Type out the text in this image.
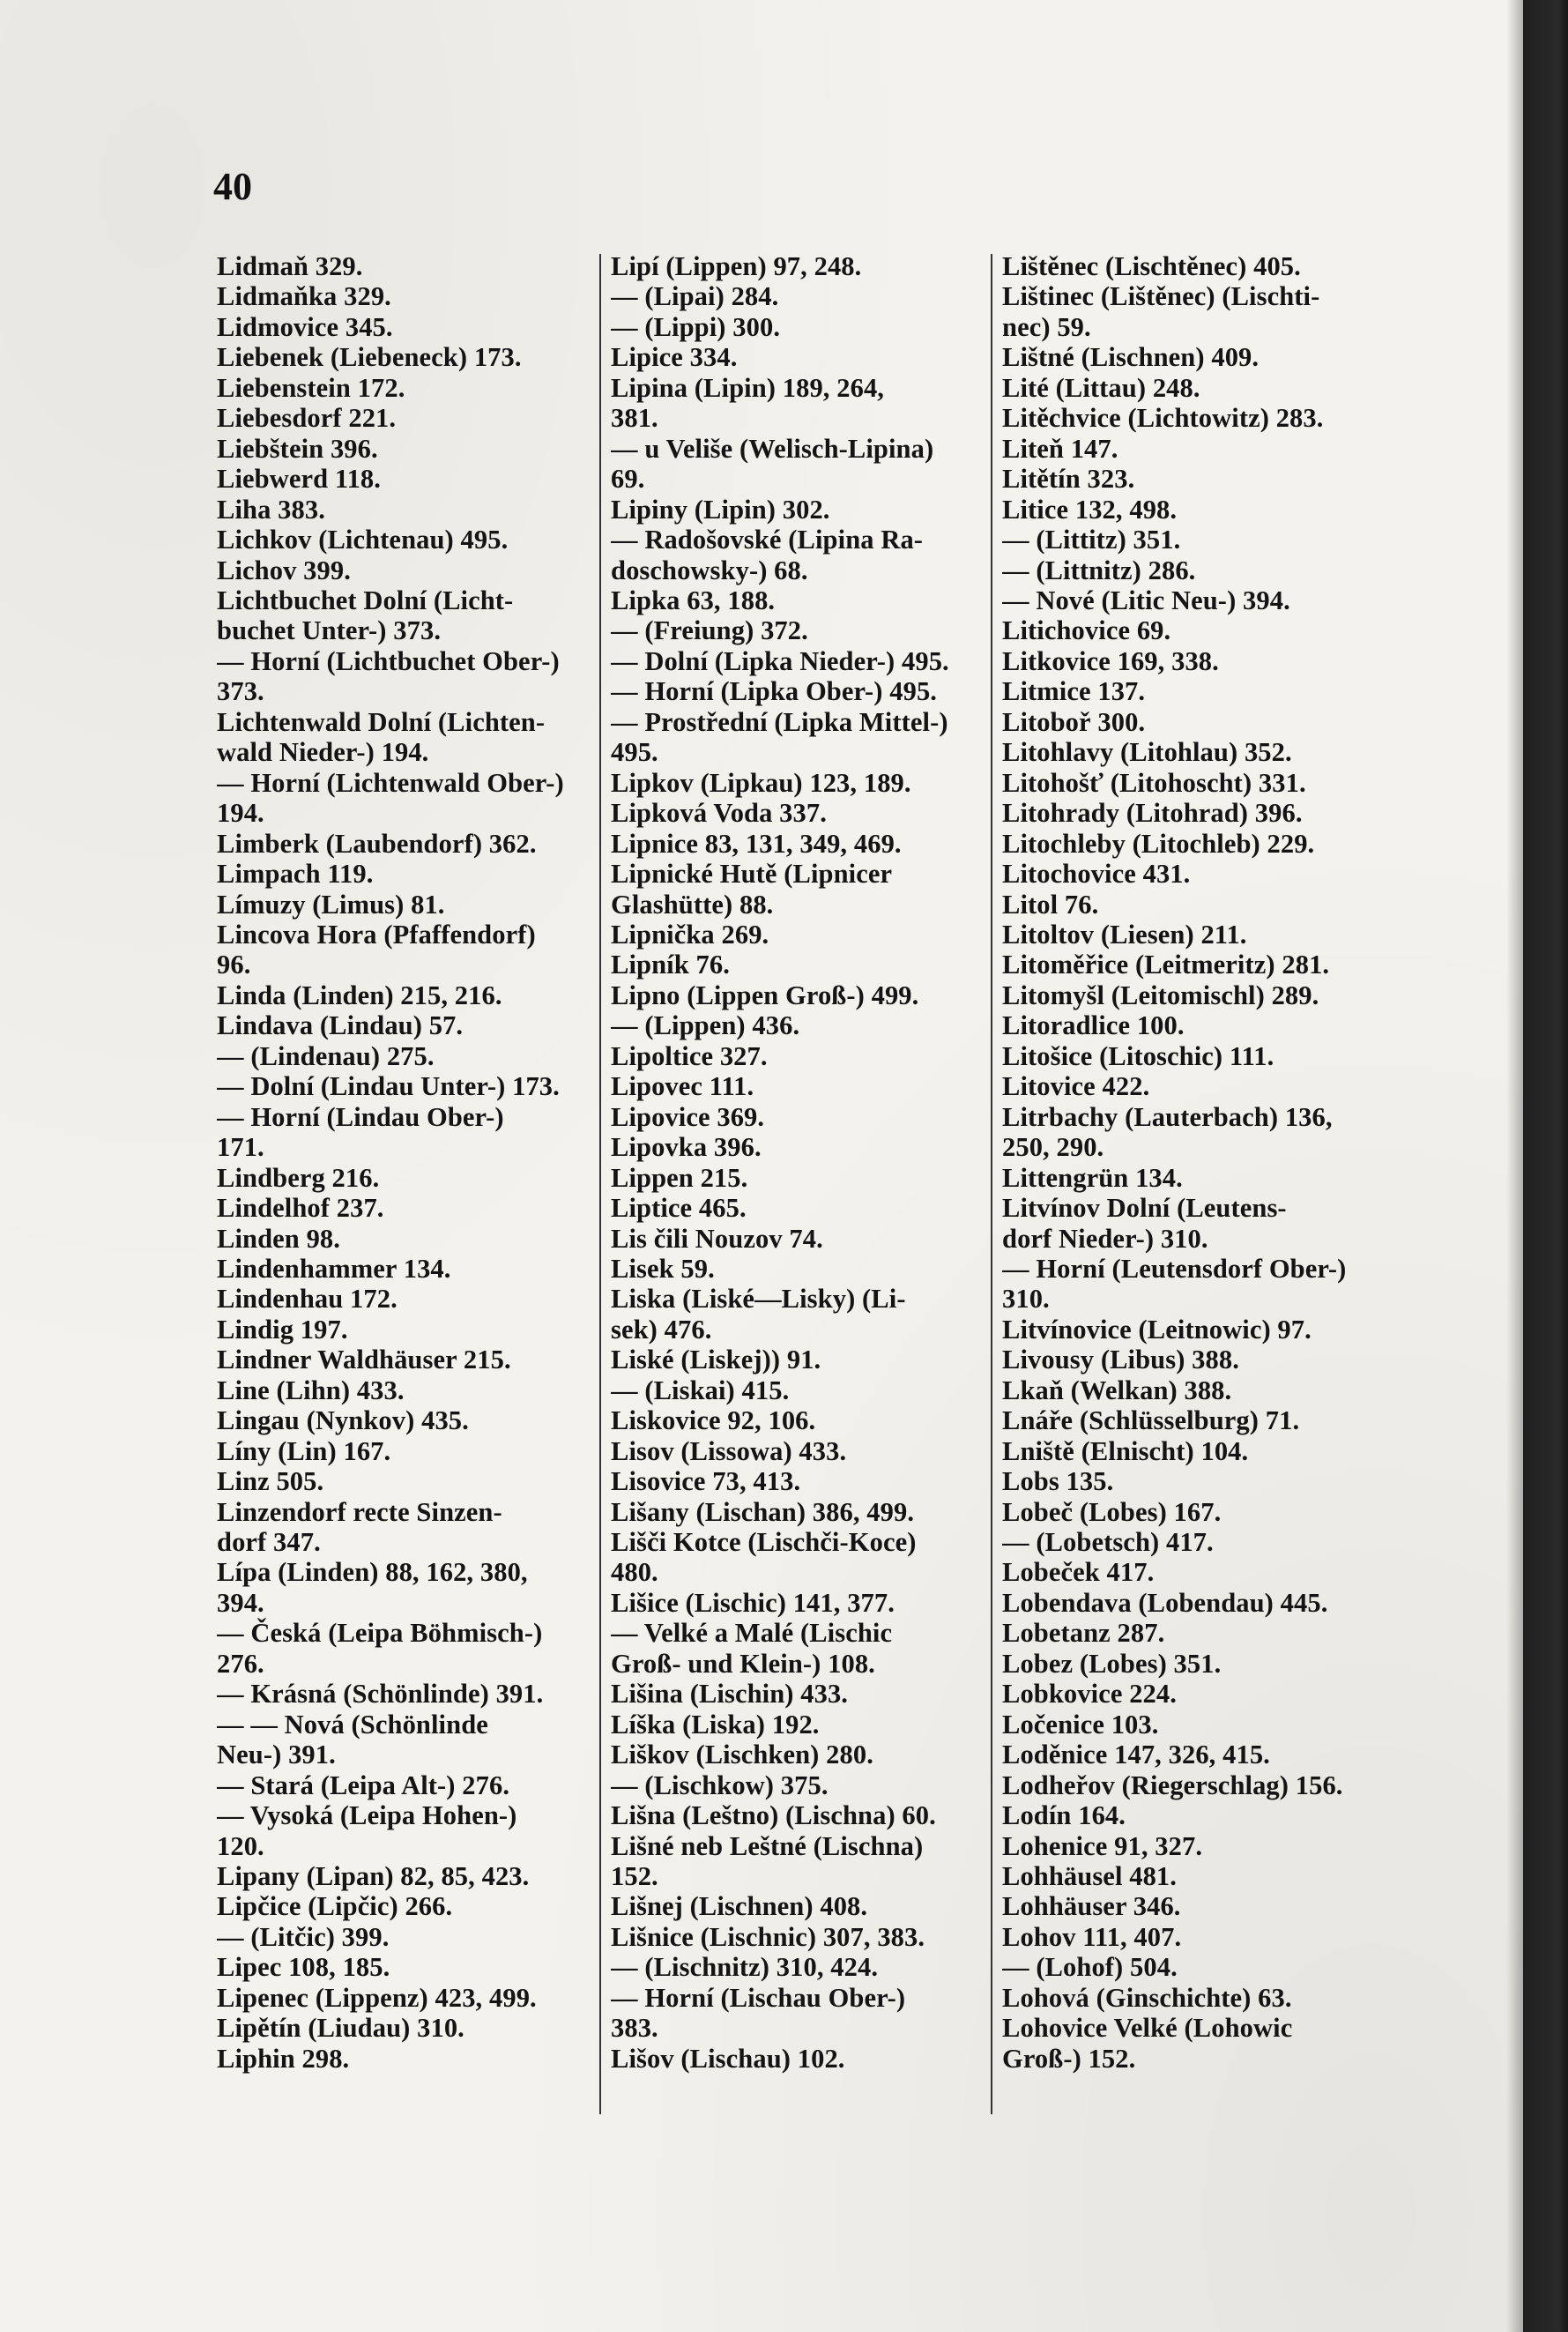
40
Lidmaň 329.
Lidmaňka 329.
Lidmovice 345.
Liebenek (Liebeneck) 173.
Liebenstein 172.
Liebesdorf 221.
Liebštein 396.
Liebwerd 118.
Liha 383.
Lichkov (Lichtenau) 495.
Lichov 399.
Lichtbuchet Dolní (Licht-
buchet Unter-) 373.
— Horní (Lichtbuchet Ober-)
373.
Lichtenwald Dolní (Lichten-
wald Nieder-) 194.
— Horní (Lichtenwald Ober-)
194.
Limberk (Laubendorf) 362.
Limpach 119.
Límuzy (Limus) 81.
Lincova Hora (Pfaffendorf)
96.
Linda (Linden) 215, 216.
Lindava (Lindau) 57.
— (Lindenau) 275.
— Dolní (Lindau Unter-) 173.
— Horní (Lindau Ober-)
171.
Lindberg 216.
Lindelhof 237.
Linden 98.
Lindenhammer 134.
Lindenhau 172.
Lindig 197.
Lindner Waldhäuser 215.
Line (Lihn) 433.
Lingau (Nynkov) 435.
Líny (Lin) 167.
Linz 505.
Linzendorf recte Sinzen-
dorf 347.
Lípa (Linden) 88, 162, 380,
394.
— Česká (Leipa Böhmisch-)
276.
— Krásná (Schönlinde) 391.
— — Nová (Schönlinde
Neu-) 391.
— Stará (Leipa Alt-) 276.
— Vysoká (Leipa Hohen-)
120.
Lipany (Lipan) 82, 85, 423.
Lipčice (Lipčic) 266.
— (Litčic) 399.
Lipec 108, 185.
Lipenec (Lippenz) 423, 499.
Lipětín (Liudau) 310.
Liphin 298.
Lipí (Lippen) 97, 248.
— (Lipai) 284.
— (Lippi) 300.
Lipice 334.
Lipina (Lipin) 189, 264,
381.
— u Veliše (Welisch-Lipina)
69.
Lipiny (Lipin) 302.
— Radošovské (Lipina Ra-
doschowsky-) 68.
Lipka 63, 188.
— (Freiung) 372.
— Dolní (Lipka Nieder-) 495.
— Horní (Lipka Ober-) 495.
— Prostřední (Lipka Mittel-)
495.
Lipkov (Lipkau) 123, 189.
Lipková Voda 337.
Lipnice 83, 131, 349, 469.
Lipnické Hutě (Lipnicer
Glashütte) 88.
Lipnička 269.
Lipník 76.
Lipno (Lippen Groß-) 499.
— (Lippen) 436.
Lipoltice 327.
Lipovec 111.
Lipovice 369.
Lipovka 396.
Lippen 215.
Liptice 465.
Lis čili Nouzov 74.
Lisek 59.
Liska (Liské—Lisky) (Li-
sek) 476.
Liské (Liskej)) 91.
— (Liskai) 415.
Liskovice 92, 106.
Lisov (Lissowa) 433.
Lisovice 73, 413.
Lišany (Lischan) 386, 499.
Lišči Kotce (Lischči-Koce)
480.
Lišice (Lischic) 141, 377.
— Velké a Malé (Lischic
Groß- und Klein-) 108.
Lišina (Lischin) 433.
Líška (Liska) 192.
Liškov (Lischken) 280.
— (Lischkow) 375.
Lišna (Leštno) (Lischna) 60.
Lišné neb Leštné (Lischna)
152.
Lišnej (Lischnen) 408.
Lišnice (Lischnic) 307, 383.
— (Lischnitz) 310, 424.
— Horní (Lischau Ober-)
383.
Lišov (Lischau) 102.
Lištěnec (Lischtěnec) 405.
Lištinec (Lištěnec) (Lischti-
nec) 59.
Lištné (Lischnen) 409.
Lité (Littau) 248.
Litěchvice (Lichtowitz) 283.
Liteň 147.
Litětín 323.
Litice 132, 498.
— (Littitz) 351.
— (Littnitz) 286.
— Nové (Litic Neu-) 394.
Litichovice 69.
Litkovice 169, 338.
Litmice 137.
Litoboř 300.
Litohlavy (Litohlau) 352.
Litohošť (Litohoscht) 331.
Litohrady (Litohrad) 396.
Litochleby (Litochleb) 229.
Litochovice 431.
Litol 76.
Litoltov (Liesen) 211.
Litoměřice (Leitmeritz) 281.
Litomyšl (Leitomischl) 289.
Litoradlice 100.
Litošice (Litoschic) 111.
Litovice 422.
Litrbachy (Lauterbach) 136,
250, 290.
Littengrün 134.
Litvínov Dolní (Leutens-
dorf Nieder-) 310.
— Horní (Leutensdorf Ober-)
310.
Litvínovice (Leitnowic) 97.
Livousy (Libus) 388.
Lkaň (Welkan) 388.
Lnáře (Schlüsselburg) 71.
Lniště (Elnischt) 104.
Lobs 135.
Lobeč (Lobes) 167.
— (Lobetsch) 417.
Lobeček 417.
Lobendava (Lobendau) 445.
Lobetanz 287.
Lobez (Lobes) 351.
Lobkovice 224.
Ločenice 103.
Loděnice 147, 326, 415.
Lodheřov (Riegerschlag) 156.
Lodín 164.
Lohenice 91, 327.
Lohhäusel 481.
Lohhäuser 346.
Lohov 111, 407.
— (Lohof) 504.
Lohová (Ginschichte) 63.
Lohovice Velké (Lohowic
Groß-) 152.
